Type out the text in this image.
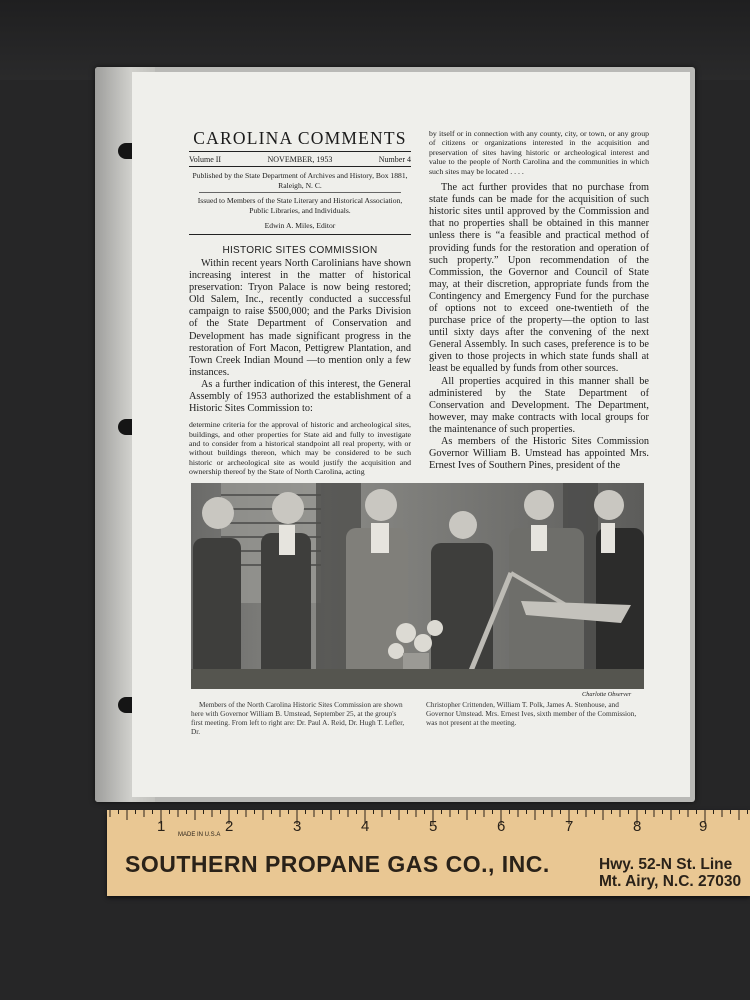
CAROLINA COMMENTS
Volume II	NOVEMBER, 1953	Number 4
Published by the State Department of Archives and History, Box 1881, Raleigh, N. C.
Issued to Members of the State Literary and Historical Association, Public Libraries, and Individuals.
Edwin A. Miles, Editor
HISTORIC SITES COMMISSION

Within recent years North Carolinians have shown increasing interest in the matter of historical preservation: Tryon Palace is now being restored; Old Salem, Inc., recently conducted a successful campaign to raise $500,000; and the Parks Division of the State Department of Conservation and Development has made significant progress in the restoration of Fort Macon, Pettigrew Plantation, and Town Creek Indian Mound —to mention only a few instances.

As a further indication of this interest, the General Assembly of 1953 authorized the establishment of a Historic Sites Commission to:

determine criteria for the approval of historic and archeological sites, buildings, and other properties for State aid and fully to investigate and to consider from a historical standpoint all real property, with or without buildings thereon, which may be considered to be such historic or archeological site as would justify the acquisition and ownership thereof by the State of North Carolina, acting
by itself or in connection with any county, city, or town, or any group of citizens or organizations interested in the acquisition and preservation of sites having historic or archeological interest and value to the people of North Carolina and the communities in which such sites may be located . . . .

The act further provides that no purchase from state funds can be made for the acquisition of such historic sites until approved by the Commission and that no properties shall be obtained in this manner unless there is “a feasible and practical method of providing funds for the restoration and operation of such property.” Upon recommendation of the Commission, the Governor and Council of State may, at their discretion, appropriate funds from the Contingency and Emergency Fund for the purchase of options not to exceed one-twentieth of the purchase price of the property—the option to last until sixty days after the convening of the next General Assembly. In such cases, preference is to be given to those projects in which state funds shall at least be equalled by funds from other sources.

All properties acquired in this manner shall be administered by the State Department of Conservation and Development. The Department, however, may make contracts with local groups for the maintenance of such properties.

As members of the Historic Sites Commission Governor William B. Umstead has appointed Mrs. Ernest Ives of Southern Pines, president of the

Charlotte Observer
Members of the North Carolina Historic Sites Commission are shown here with Governor William B. Umstead, September 25, at the group's first meeting. From left to right are: Dr. Paul A. Reid, Dr. Hugh T. Lefler, Dr.
Christopher Crittenden, William T. Polk, James A. Stenhouse, and Governor Umstead. Mrs. Ernest Ives, sixth member of the Commission, was not present at the meeting.
MADE IN U.S.A
1	2	3	4	5	6	7	8	9
SOUTHERN PROPANE GAS CO., INC.	Hwy. 52-N St. Line
Mt. Airy, N.C. 27030
